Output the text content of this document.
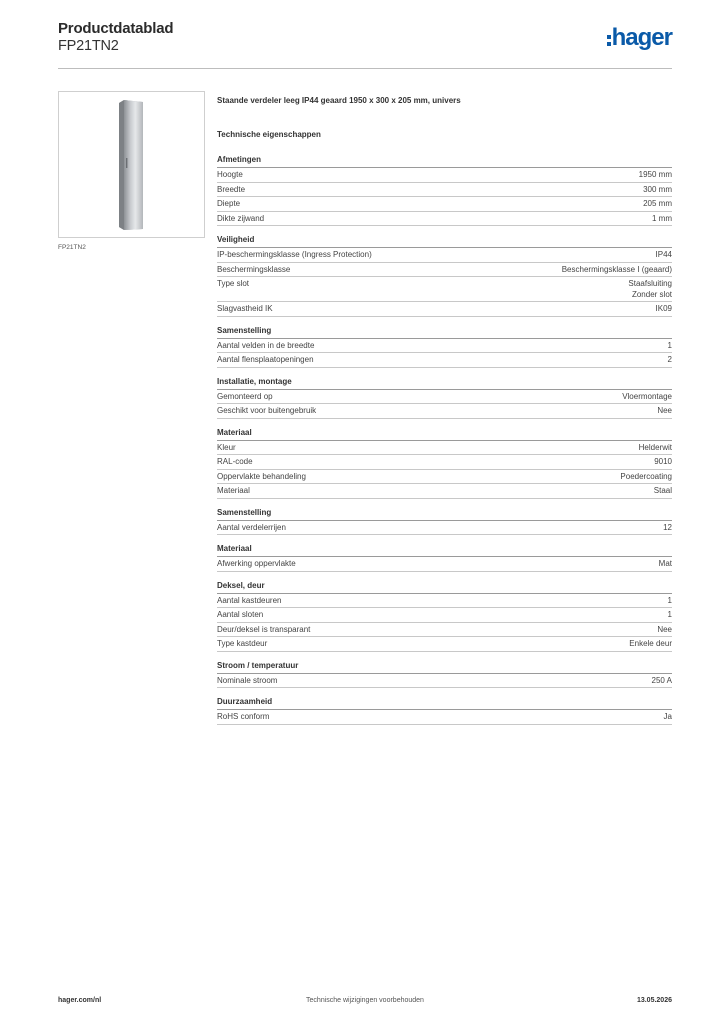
Productdatablad
FP21TN2	hager
FP21TN2
Staande verdeler leeg IP44 geaard 1950 x 300 x 205 mm, univers
Technische eigenschappen
Afmetingen
Hoogte	1950 mm
Breedte	300 mm
Diepte	205 mm
Dikte zijwand	1 mm
Veiligheid
IP-beschermingsklasse (Ingress Protection)	IP44
Beschermingsklasse	Beschermingsklasse I (geaard)
Type slot	Staafsluiting
Zonder slot
Slagvastheid IK	IK09
Samenstelling
Aantal velden in de breedte	1
Aantal flensplaatopeningen	2
Installatie, montage
Gemonteerd op	Vloermontage
Geschikt voor buitengebruik	Nee
Materiaal
Kleur	Helderwit
RAL-code	9010
Oppervlakte behandeling	Poedercoating
Materiaal	Staal
Samenstelling
Aantal verdelerrijen	12
Materiaal
Afwerking oppervlakte	Mat
Deksel, deur
Aantal kastdeuren	1
Aantal sloten	1
Deur/deksel is transparant	Nee
Type kastdeur	Enkele deur
Stroom / temperatuur
Nominale stroom	250 A
Duurzaamheid
RoHS conform	Ja
hager.com/nl	Technische wijzigingen voorbehouden	13.05.2026
